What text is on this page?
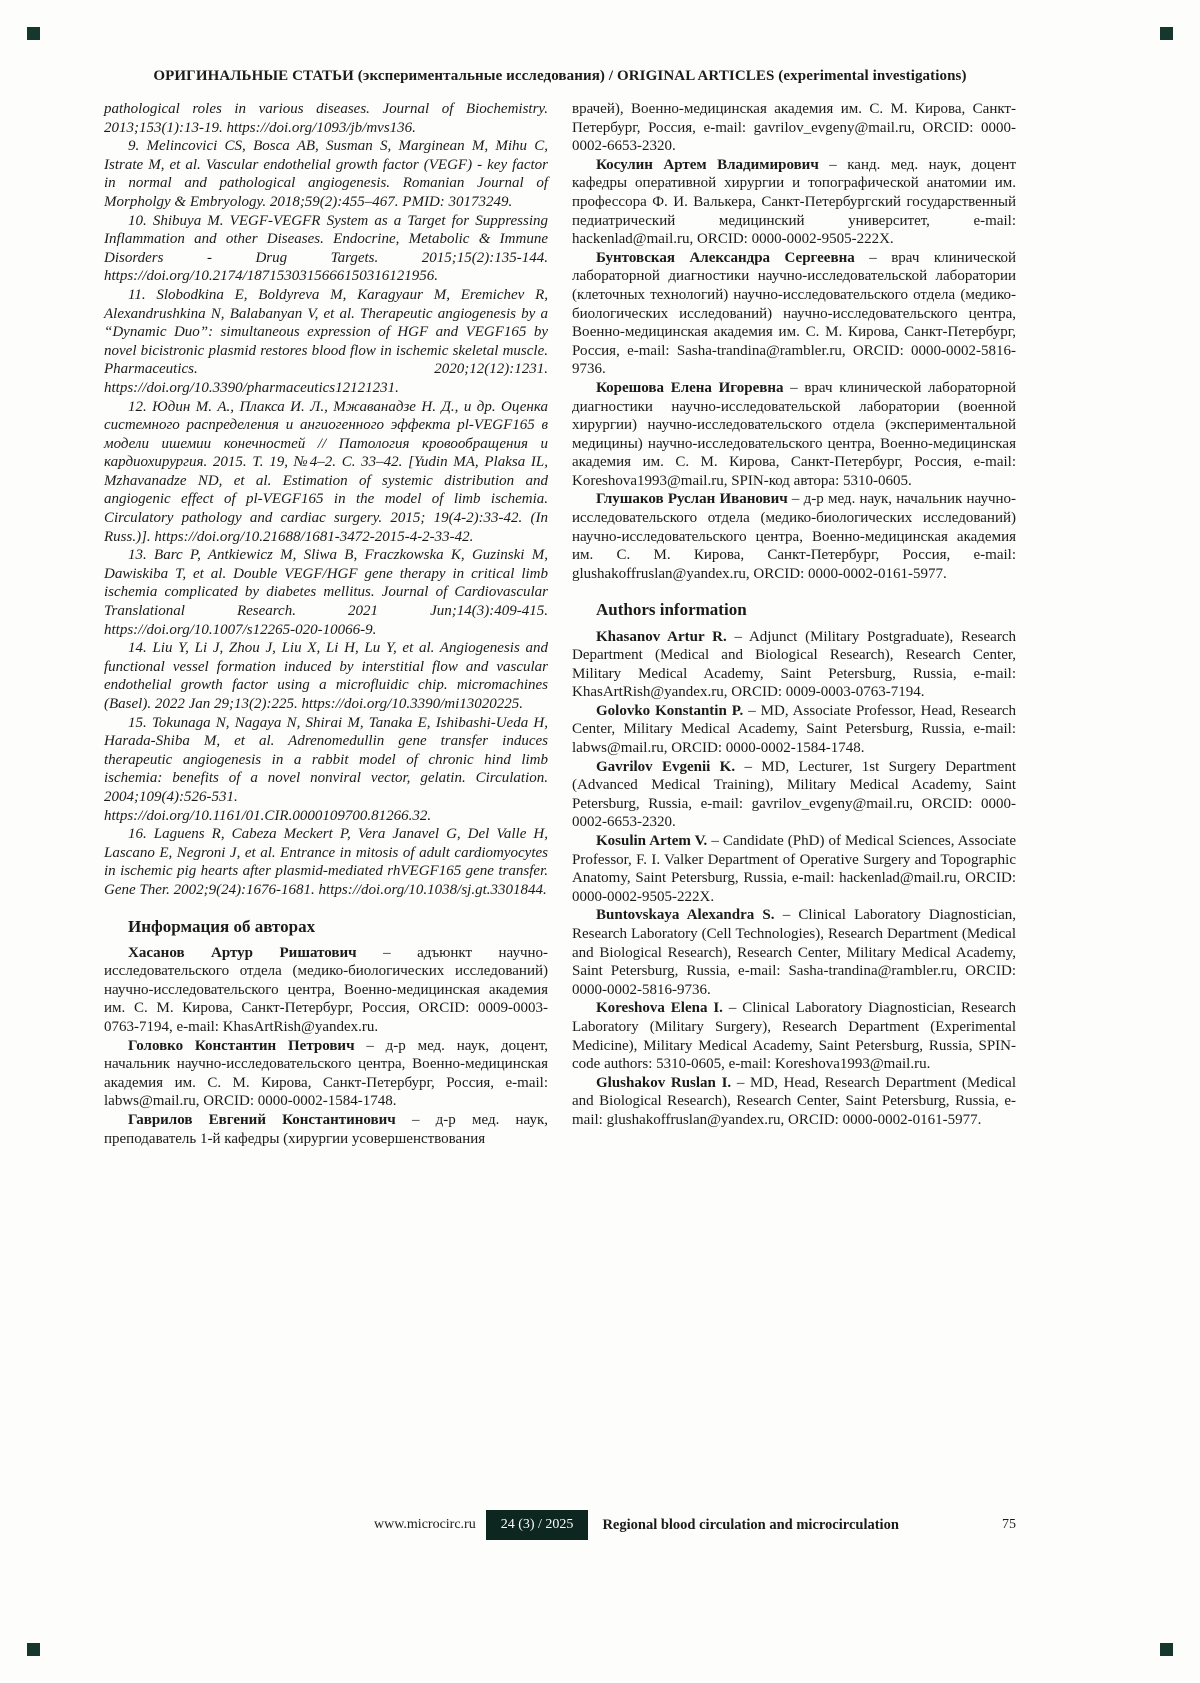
ОРИГИНАЛЬНЫЕ СТАТЬИ (экспериментальные исследования) / ORIGINAL ARTICLES (experimental investigations)

pathological roles in various diseases. Journal of Biochemistry. 2013;153(1):13-19. https://doi.org/1093/jb/mvs136.

9. Melincovici CS, Bosca AB, Susman S, Marginean M, Mihu C, Istrate M, et al. Vascular endothelial growth factor (VEGF) - key factor in normal and pathological angiogenesis. Romanian Journal of Morpholgy & Embryology. 2018;59(2):455–467. PMID: 30173249.

10. Shibuya M. VEGF-VEGFR System as a Target for Suppressing Inflammation and other Diseases. Endocrine, Metabolic & Immune Disorders - Drug Targets. 2015;15(2):135-144. https://doi.org/10.2174/1871530315666150316121956.

11. Slobodkina E, Boldyreva M, Karagyaur M, Eremichev R, Alexandrushkina N, Balabanyan V, et al. Therapeutic angiogenesis by a “Dynamic Duo”: simultaneous expression of HGF and VEGF165 by novel bicistronic plasmid restores blood flow in ischemic skeletal muscle. Pharmaceutics. 2020;12(12):1231. https://doi.org/10.3390/pharmaceutics12121231.

12. Юдин М. А., Плакса И. Л., Мжаванадзе Н. Д., и др. Оценка системного распределения и ангиогенного эффекта pl-VEGF165 в модели ишемии конечностей // Патология кровообращения и кардиохирургия. 2015. Т. 19, №4–2. С. 33–42. [Yudin MA, Plaksa IL, Mzhavanadze ND, et al. Estimation of systemic distribution and angiogenic effect of pl-VEGF165 in the model of limb ischemia. Circulatory pathology and cardiac surgery. 2015; 19(4-2):33-42. (In Russ.)]. https://doi.org/10.21688/1681-3472-2015-4-2-33-42.

13. Barc P, Antkiewicz M, Sliwa B, Fraczkowska K, Guzinski M, Dawiskiba T, et al. Double VEGF/HGF gene therapy in critical limb ischemia complicated by diabetes mellitus. Journal of Cardiovascular Translational Research. 2021 Jun;14(3):409-415. https://doi.org/10.1007/s12265-020-10066-9.

14. Liu Y, Li J, Zhou J, Liu X, Li H, Lu Y, et al. Angiogenesis and functional vessel formation induced by interstitial flow and vascular endothelial growth factor using a microfluidic chip. micromachines (Basel). 2022 Jan 29;13(2):225. https://doi.org/10.3390/mi13020225.

15. Tokunaga N, Nagaya N, Shirai M, Tanaka E, Ishibashi-Ueda H, Harada-Shiba M, et al. Adrenomedullin gene transfer induces therapeutic angiogenesis in a rabbit model of chronic hind limb ischemia: benefits of a novel nonviral vector, gelatin. Circulation. 2004;109(4):526-531. https://doi.org/10.1161/01.CIR.0000109700.81266.32.

16. Laguens R, Cabeza Meckert P, Vera Janavel G, Del Valle H, Lascano E, Negroni J, et al. Entrance in mitosis of adult cardiomyocytes in ischemic pig hearts after plasmid-mediated rhVEGF165 gene transfer. Gene Ther. 2002;9(24):1676-1681. https://doi.org/10.1038/sj.gt.3301844.

Информация об авторах

Хасанов Артур Ришатович – адъюнкт научно-исследовательского отдела (медико-биологических исследований) научно-исследовательского центра, Военно-медицинская академия им. С. М. Кирова, Санкт-Петербург, Россия, ORCID: 0009-0003-0763-7194, e-mail: KhasArtRish@yandex.ru.

Головко Константин Петрович – д-р мед. наук, доцент, начальник научно-исследовательского центра, Военно-медицинская академия им. С. М. Кирова, Санкт-Петербург, Россия, e-mail: labws@mail.ru, ORCID: 0000-0002-1584-1748.

Гаврилов Евгений Константинович – д-р мед. наук, преподаватель 1-й кафедры (хирургии усовершенствования

врачей), Военно-медицинская академия им. С. М. Кирова, Санкт-Петербург, Россия, e-mail: gavrilov_evgeny@mail.ru, ORCID: 0000-0002-6653-2320.

Косулин Артем Владимирович – канд. мед. наук, доцент кафедры оперативной хирургии и топографической анатомии им. профессора Ф. И. Валькера, Санкт-Петербургский государственный педиатрический медицинский университет, e-mail: hackenlad@mail.ru, ORCID: 0000-0002-9505-222X.

Бунтовская Александра Сергеевна – врач клинической лабораторной диагностики научно-исследовательской лаборатории (клеточных технологий) научно-исследовательского отдела (медико-биологических исследований) научно-исследовательского центра, Военно-медицинская академия им. С. М. Кирова, Санкт-Петербург, Россия, e-mail: Sasha-trandina@rambler.ru, ORCID: 0000-0002-5816-9736.

Корешова Елена Игоревна – врач клинической лабораторной диагностики научно-исследовательской лаборатории (военной хирургии) научно-исследовательского отдела (экспериментальной медицины) научно-исследовательского центра, Военно-медицинская академия им. С. М. Кирова, Санкт-Петербург, Россия, e-mail: Koreshova1993@mail.ru, SPIN-код автора: 5310-0605.

Глушаков Руслан Иванович – д-р мед. наук, начальник научно-исследовательского отдела (медико-биологических исследований) научно-исследовательского центра, Военно-медицинская академия им. С. М. Кирова, Санкт-Петербург, Россия, e-mail: glushakoffruslan@yandex.ru, ORCID: 0000-0002-0161-5977.

Authors information

Khasanov Artur R. – Adjunct (Military Postgraduate), Research Department (Medical and Biological Research), Research Center, Military Medical Academy, Saint Petersburg, Russia, e-mail: KhasArtRish@yandex.ru, ORCID: 0009-0003-0763-7194.

Golovko Konstantin P. – MD, Associate Professor, Head, Research Center, Military Medical Academy, Saint Petersburg, Russia, e-mail: labws@mail.ru, ORCID: 0000-0002-1584-1748.

Gavrilov Evgenii K. – MD, Lecturer, 1st Surgery Department (Advanced Medical Training), Military Medical Academy, Saint Petersburg, Russia, e-mail: gavrilov_evgeny@mail.ru, ORCID: 0000-0002-6653-2320.

Kosulin Artem V. – Candidate (PhD) of Medical Sciences, Associate Professor, F. I. Valker Department of Operative Surgery and Topographic Anatomy, Saint Petersburg, Russia, e-mail: hackenlad@mail.ru, ORCID: 0000-0002-9505-222X.

Buntovskaya Alexandra S. – Clinical Laboratory Diagnostician, Research Laboratory (Cell Technologies), Research Department (Medical and Biological Research), Research Center, Military Medical Academy, Saint Petersburg, Russia, e-mail: Sasha-trandina@rambler.ru, ORCID: 0000-0002-5816-9736.

Koreshova Elena I. – Clinical Laboratory Diagnostician, Research Laboratory (Military Surgery), Research Department (Experimental Medicine), Military Medical Academy, Saint Petersburg, Russia, SPIN-code authors: 5310-0605, e-mail: Koreshova1993@mail.ru.

Glushakov Ruslan I. – MD, Head, Research Department (Medical and Biological Research), Research Center, Saint Petersburg, Russia, e-mail: glushakoffruslan@yandex.ru, ORCID: 0000-0002-0161-5977.

www.microcirc.ru	24 (3) / 2025	Regional blood circulation and microcirculation	75
